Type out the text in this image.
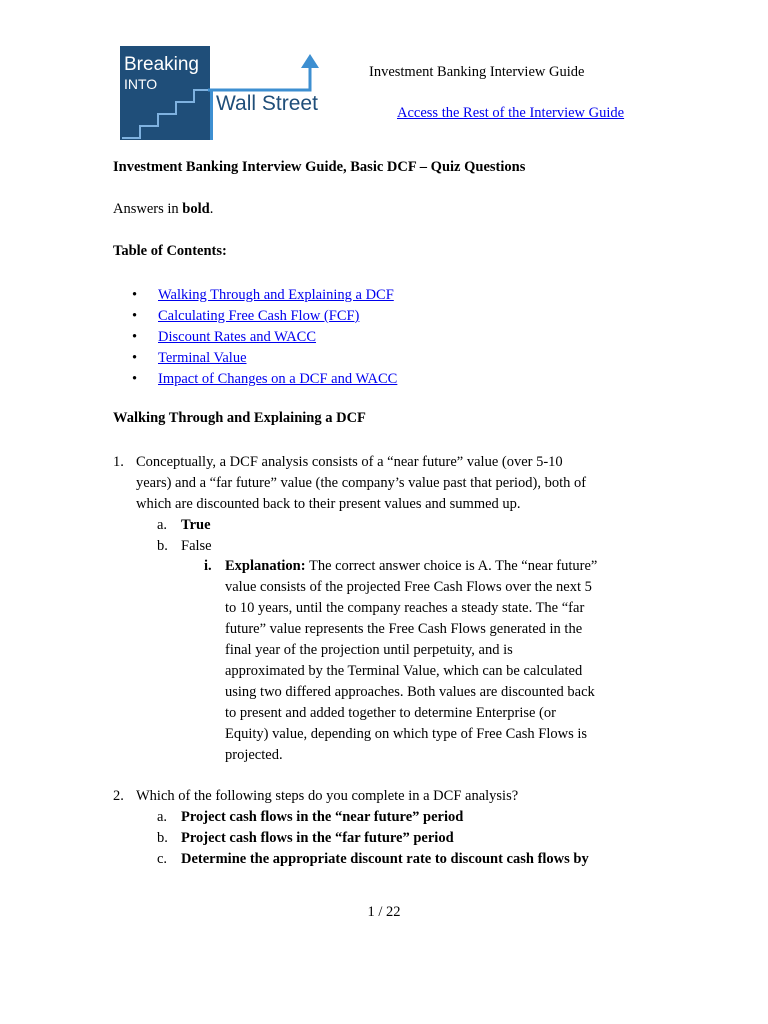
Breaking
INTO
Wall Street
Investment Banking Interview Guide
Access the Rest of the Interview Guide
Investment Banking Interview Guide, Basic DCF – Quiz Questions
Answers in bold.
Table of Contents:
• Walking Through and Explaining a DCF
• Calculating Free Cash Flow (FCF)
• Discount Rates and WACC
• Terminal Value
• Impact of Changes on a DCF and WACC
Walking Through and Explaining a DCF
1. Conceptually, a DCF analysis consists of a “near future” value (over 5-10
years) and a “far future” value (the company’s value past that period), both of
which are discounted back to their present values and summed up.
a. True
b. False
i. Explanation: The correct answer choice is A. The “near future”
value consists of the projected Free Cash Flows over the next 5
to 10 years, until the company reaches a steady state. The “far
future” value represents the Free Cash Flows generated in the
final year of the projection until perpetuity, and is
approximated by the Terminal Value, which can be calculated
using two differed approaches. Both values are discounted back
to present and added together to determine Enterprise (or
Equity) value, depending on which type of Free Cash Flows is
projected.
2. Which of the following steps do you complete in a DCF analysis?
a. Project cash flows in the “near future” period
b. Project cash flows in the “far future” period
c. Determine the appropriate discount rate to discount cash flows by
1 / 22
